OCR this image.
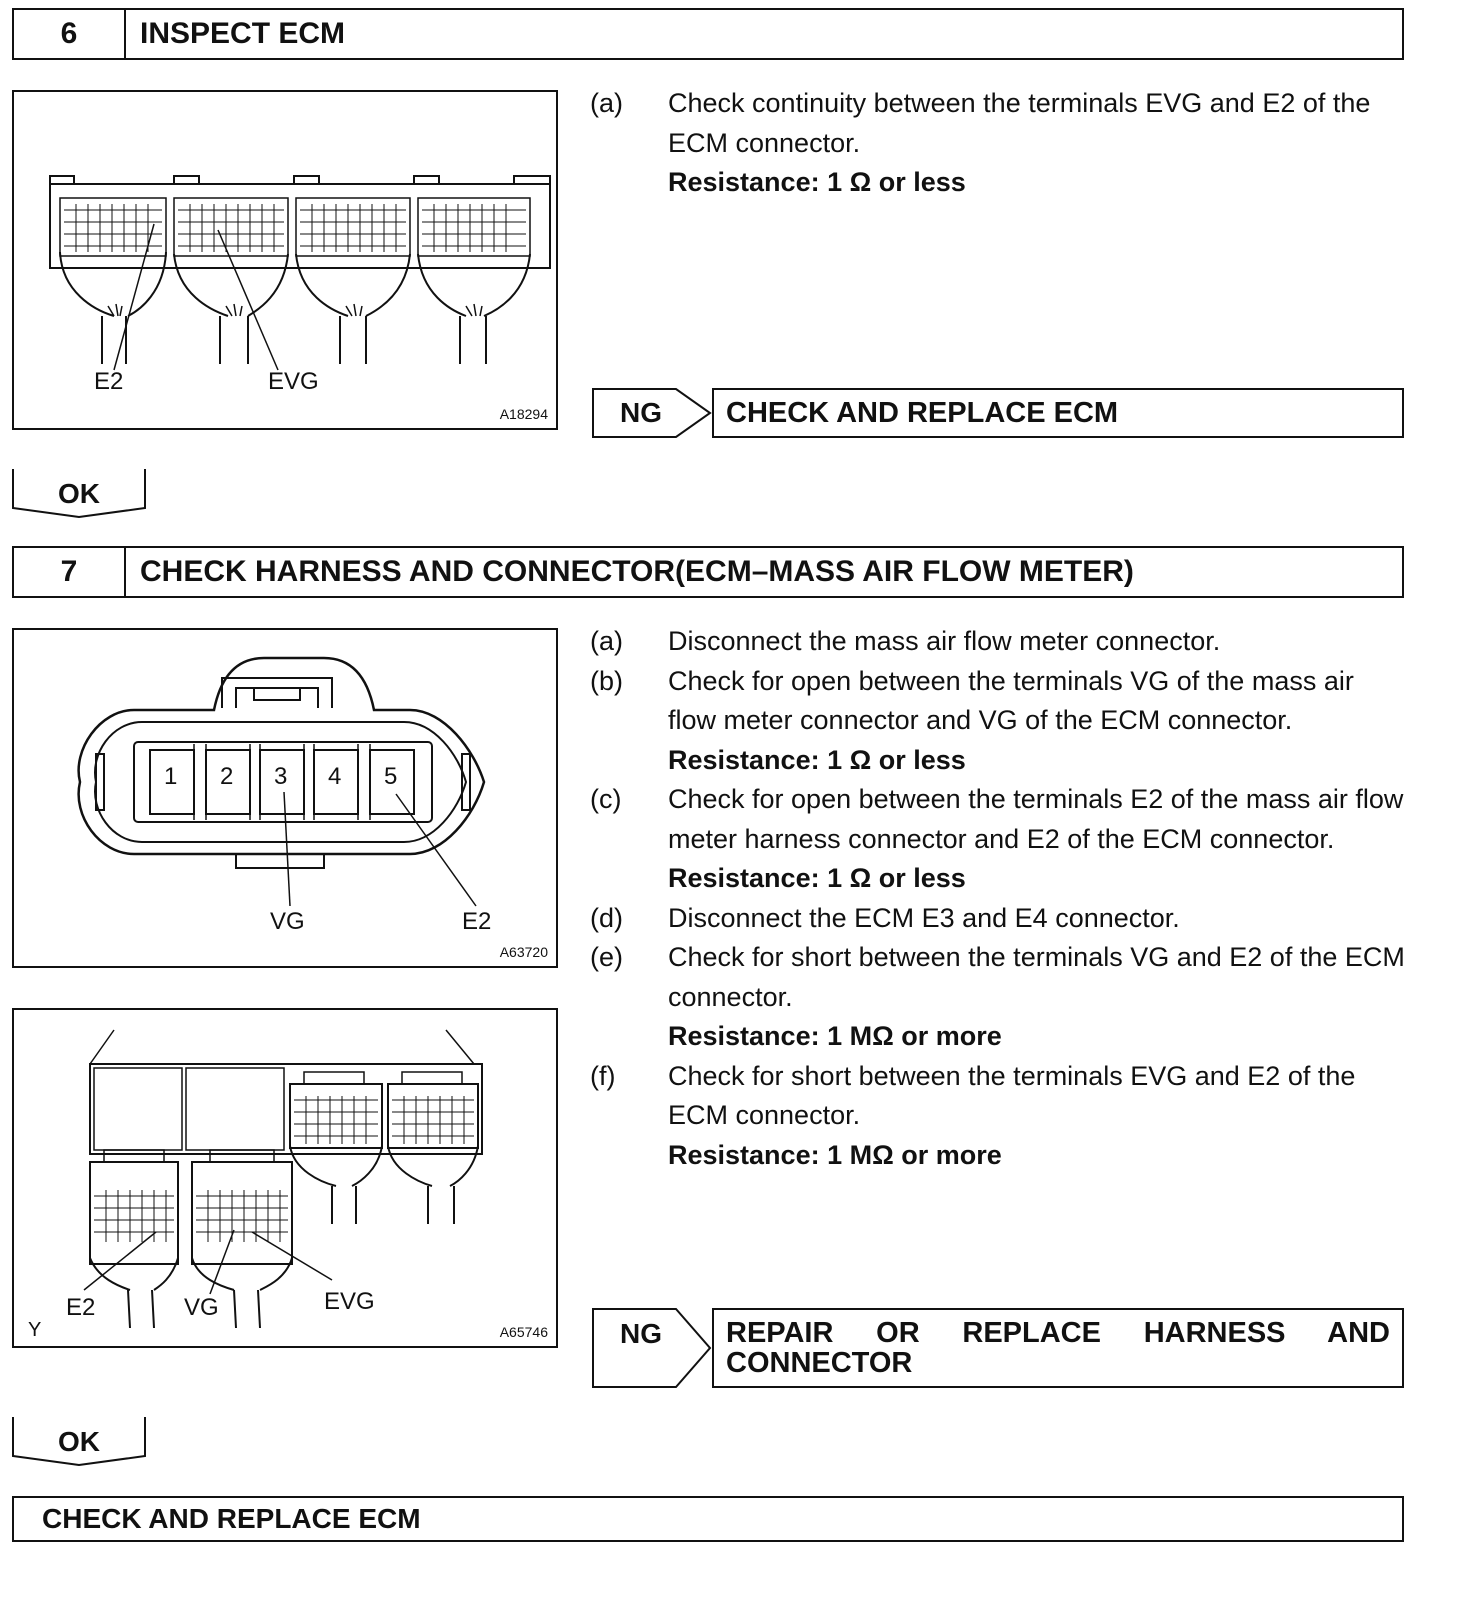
6	INSPECT ECM
E2	EVG
A18294
(a)	Check continuity between the terminals EVG and E2 of the ECM connector.
Resistance: 1 Ω or less
NG	CHECK AND REPLACE ECM
OK
7	CHECK HARNESS AND CONNECTOR(ECM–MASS AIR FLOW METER)
1 2 3 4 5
VG	E2
A63720
E2	VG	EVG
Y	A65746
(a)	Disconnect the mass air flow meter connector.
(b)	Check for open between the terminals VG of the mass air flow meter connector and VG of the ECM connector.
Resistance: 1 Ω or less
(c)	Check for open between the terminals E2 of the mass air flow meter harness connector and E2 of the ECM connector.
Resistance: 1 Ω or less
(d)	Disconnect the ECM E3 and E4 connector.
(e)	Check for short between the terminals VG and E2 of the ECM connector.
Resistance: 1 MΩ or more
(f)	Check for short between the terminals EVG and E2 of the ECM connector.
Resistance: 1 MΩ or more
NG	REPAIR OR REPLACE HARNESS AND CONNECTOR
OK
CHECK AND REPLACE ECM
